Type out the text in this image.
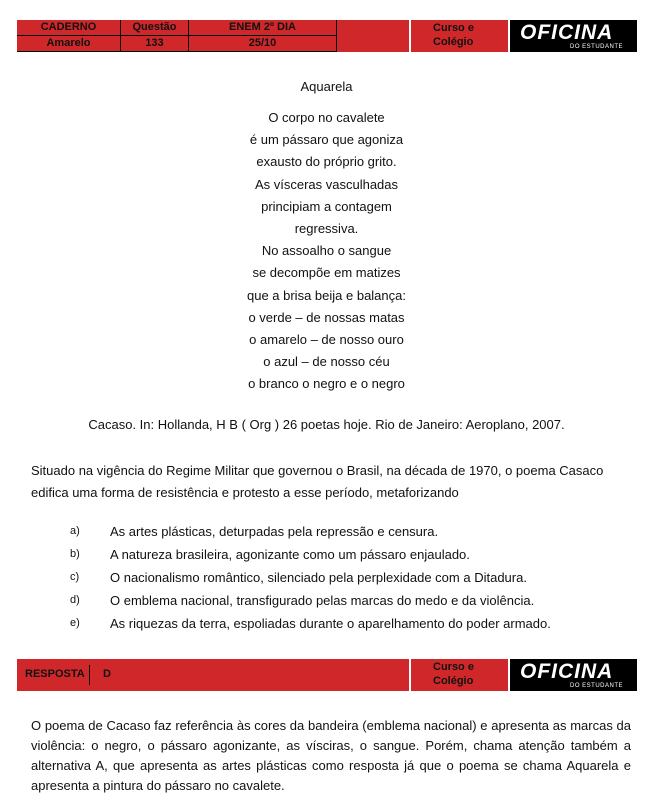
CADERNO	Questão	ENEM 2º DIA
Amarelo	133	25/10
Curso e
Colégio OFICINA
DO ESTUDANTE
Aquarela
O corpo no cavalete
é um pássaro que agoniza
exausto do próprio grito.
As vísceras vasculhadas
principiam a contagem
regressiva.
No assoalho o sangue
se decompõe em matizes
que a brisa beija e balança:
o verde – de nossas matas
o amarelo – de nosso ouro
o azul – de nosso céu
o branco o negro e o negro
Cacaso. In: Hollanda, H B ( Org ) 26 poetas hoje. Rio de Janeiro: Aeroplano, 2007.
Situado na vigência do Regime Militar que governou o Brasil, na década de 1970, o poema Casaco edifica uma forma de resistência e protesto a esse período, metaforizando
a)	As artes plásticas, deturpadas pela repressão e censura.
b)	A natureza brasileira, agonizante como um pássaro enjaulado.
c)	O nacionalismo romântico, silenciado pela perplexidade com a Ditadura.
d)	O emblema nacional, transfigurado pelas marcas do medo e da violência.
e)	As riquezas da terra, espoliadas durante o aparelhamento do poder armado.
RESPOSTA D
Curso e
Colégio OFICINA
DO ESTUDANTE
O poema de Cacaso faz referência às cores da bandeira (emblema nacional) e apresenta as marcas da violência: o negro, o pássaro agonizante, as vísciras, o sangue. Porém, chama atenção também a alternativa A, que apresenta as artes plásticas como resposta já que o poema se chama Aquarela e apresenta a pintura do pássaro no cavalete.
